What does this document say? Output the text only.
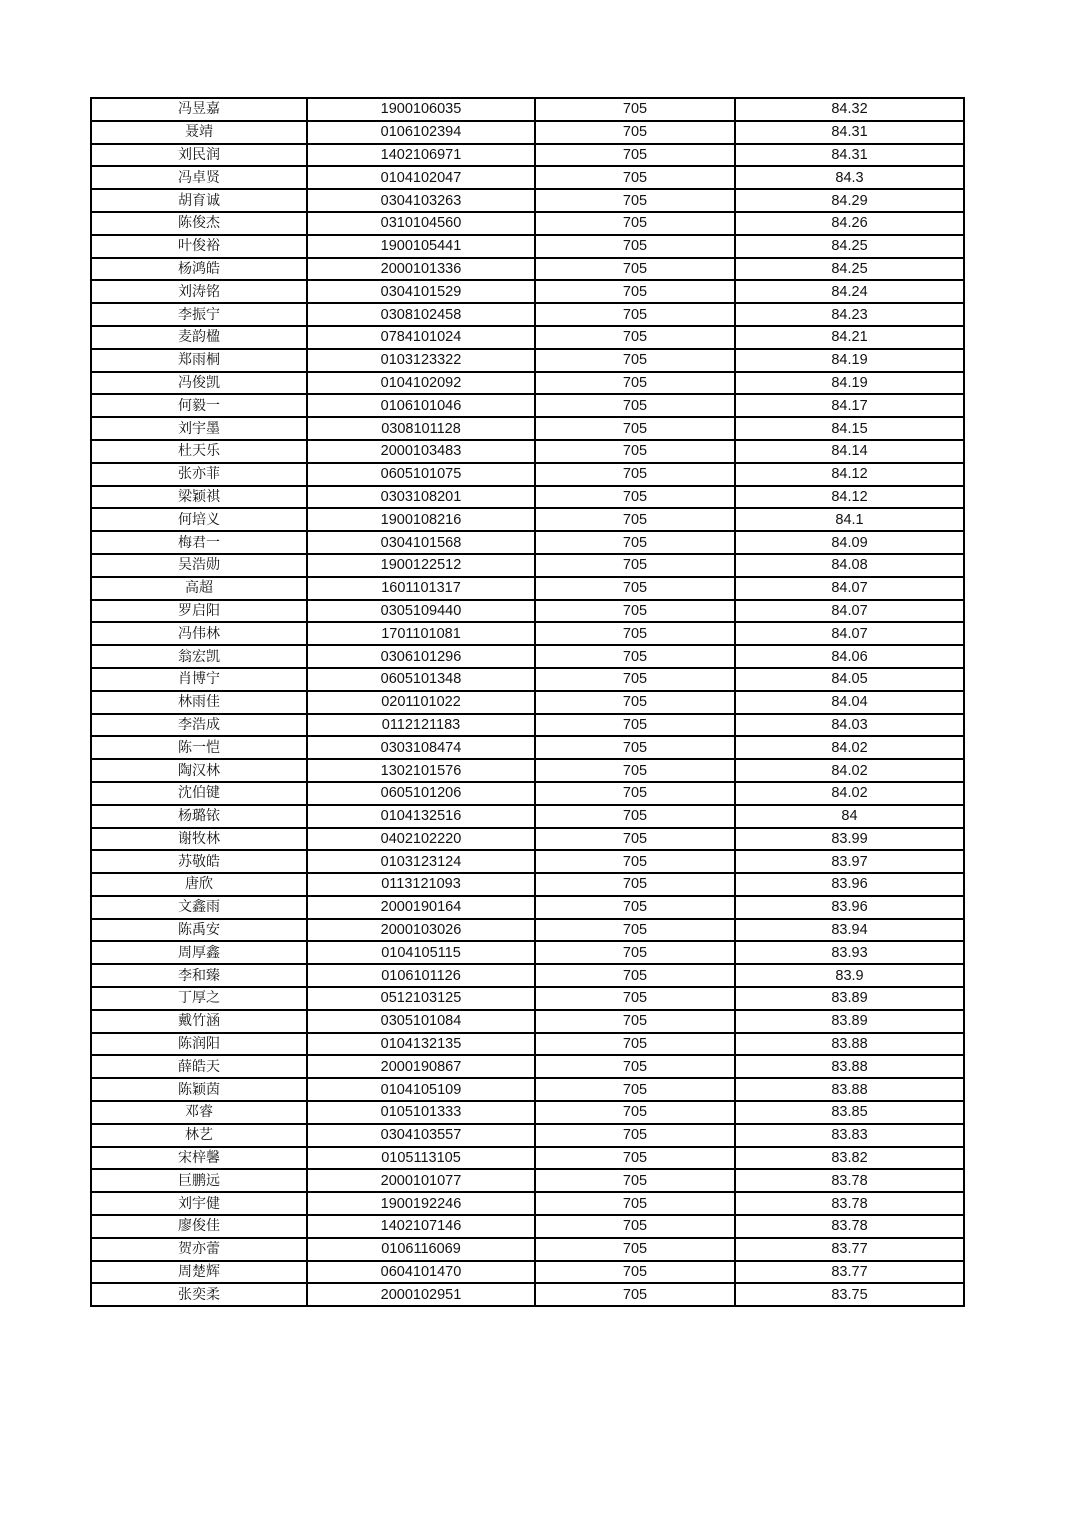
冯昱嘉	1900106035	705	84.32
聂靖	0106102394	705	84.31
刘民润	1402106971	705	84.31
冯卓贤	0104102047	705	84.3
胡育诚	0304103263	705	84.29
陈俊杰	0310104560	705	84.26
叶俊裕	1900105441	705	84.25
杨鸿皓	2000101336	705	84.25
刘涛铭	0304101529	705	84.24
李振宁	0308102458	705	84.23
麦韵楹	0784101024	705	84.21
郑雨桐	0103123322	705	84.19
冯俊凯	0104102092	705	84.19
何毅一	0106101046	705	84.17
刘宇墨	0308101128	705	84.15
杜天乐	2000103483	705	84.14
张亦菲	0605101075	705	84.12
梁颖祺	0303108201	705	84.12
何培义	1900108216	705	84.1
梅君一	0304101568	705	84.09
吴浩勋	1900122512	705	84.08
高超	1601101317	705	84.07
罗启阳	0305109440	705	84.07
冯伟林	1701101081	705	84.07
翁宏凯	0306101296	705	84.06
肖博宁	0605101348	705	84.05
林雨佳	0201101022	705	84.04
李浩成	0112121183	705	84.03
陈一恺	0303108474	705	84.02
陶汉林	1302101576	705	84.02
沈伯键	0605101206	705	84.02
杨璐铱	0104132516	705	84
谢牧林	0402102220	705	83.99
苏敬皓	0103123124	705	83.97
唐欣	0113121093	705	83.96
文鑫雨	2000190164	705	83.96
陈禹安	2000103026	705	83.94
周厚鑫	0104105115	705	83.93
李和臻	0106101126	705	83.9
丁厚之	0512103125	705	83.89
戴竹涵	0305101084	705	83.89
陈润阳	0104132135	705	83.88
薛皓天	2000190867	705	83.88
陈颖茵	0104105109	705	83.88
邓睿	0105101333	705	83.85
林艺	0304103557	705	83.83
宋梓馨	0105113105	705	83.82
巨鹏远	2000101077	705	83.78
刘宇健	1900192246	705	83.78
廖俊佳	1402107146	705	83.78
贺亦蕾	0106116069	705	83.77
周楚辉	0604101470	705	83.77
张奕柔	2000102951	705	83.75
